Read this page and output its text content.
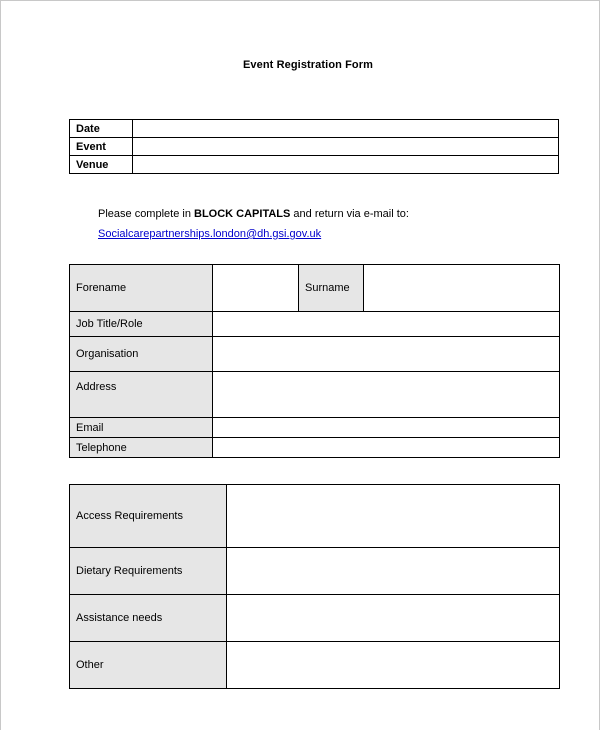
Event Registration Form
Date	
Event	
Venue	
Please complete in BLOCK CAPITALS and return via e-mail to:
Socialcarepartnerships.london@dh.gsi.gov.uk
Forename		Surname	
Job Title/Role			
Organisation			
Address			
Email			
Telephone			
Access Requirements	
Dietary Requirements	
Assistance needs	
Other	
